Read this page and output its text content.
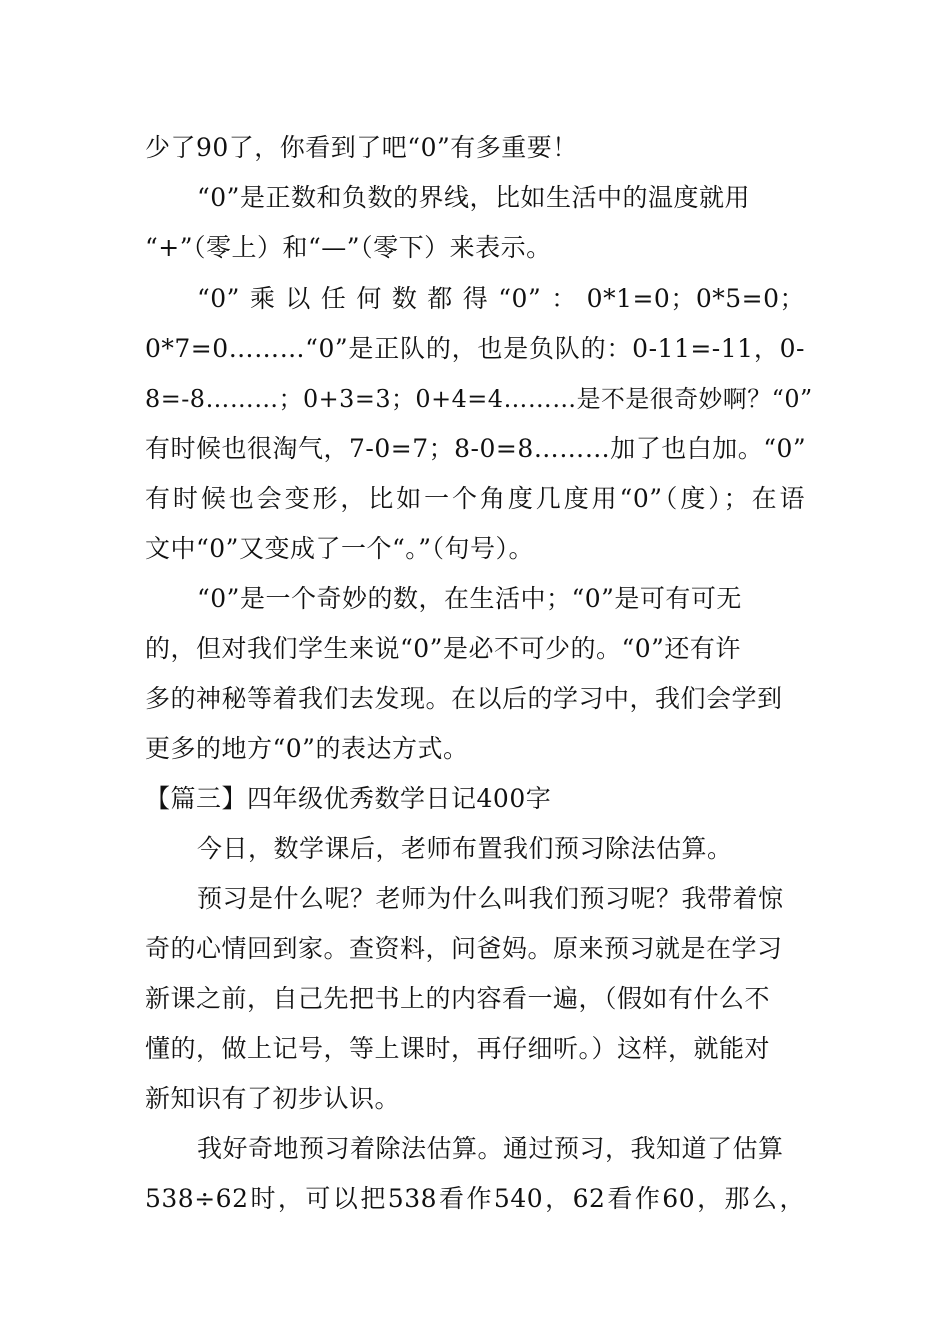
少了90了，你看到了吧“0”有多重要！
“0”是正数和负数的界线，比如生活中的温度就用
“+”（零上）和“—”（零下）来表示。
“0”乘以任何数都得“0”：0*1=0；0*5=0；
0*7=0………“0”是正队的，也是负队的：0-11=-11，0-
8=-8………；0+3=3；0+4=4………是不是很奇妙啊？“0”
有时候也很淘气，7-0=7；8-0=8………加了也白加。“0”
有时候也会变形，比如一个角度几度用“0”（度）；在语
文中“0”又变成了一个“。”（句号）。
“0”是一个奇妙的数，在生活中；“0”是可有可无
的，但对我们学生来说“0”是必不可少的。“0”还有许
多的神秘等着我们去发现。在以后的学习中，我们会学到
更多的地方“0”的表达方式。
【篇三】四年级优秀数学日记400字
今日，数学课后，老师布置我们预习除法估算。
预习是什么呢？老师为什么叫我们预习呢？我带着惊
奇的心情回到家。查资料，问爸妈。原来预习就是在学习
新课之前，自己先把书上的内容看一遍，（假如有什么不
懂的，做上记号，等上课时，再仔细听。）这样，就能对
新知识有了初步认识。
我好奇地预习着除法估算。通过预习，我知道了估算
538÷62时，可以把538看作540，62看作60，那么，
